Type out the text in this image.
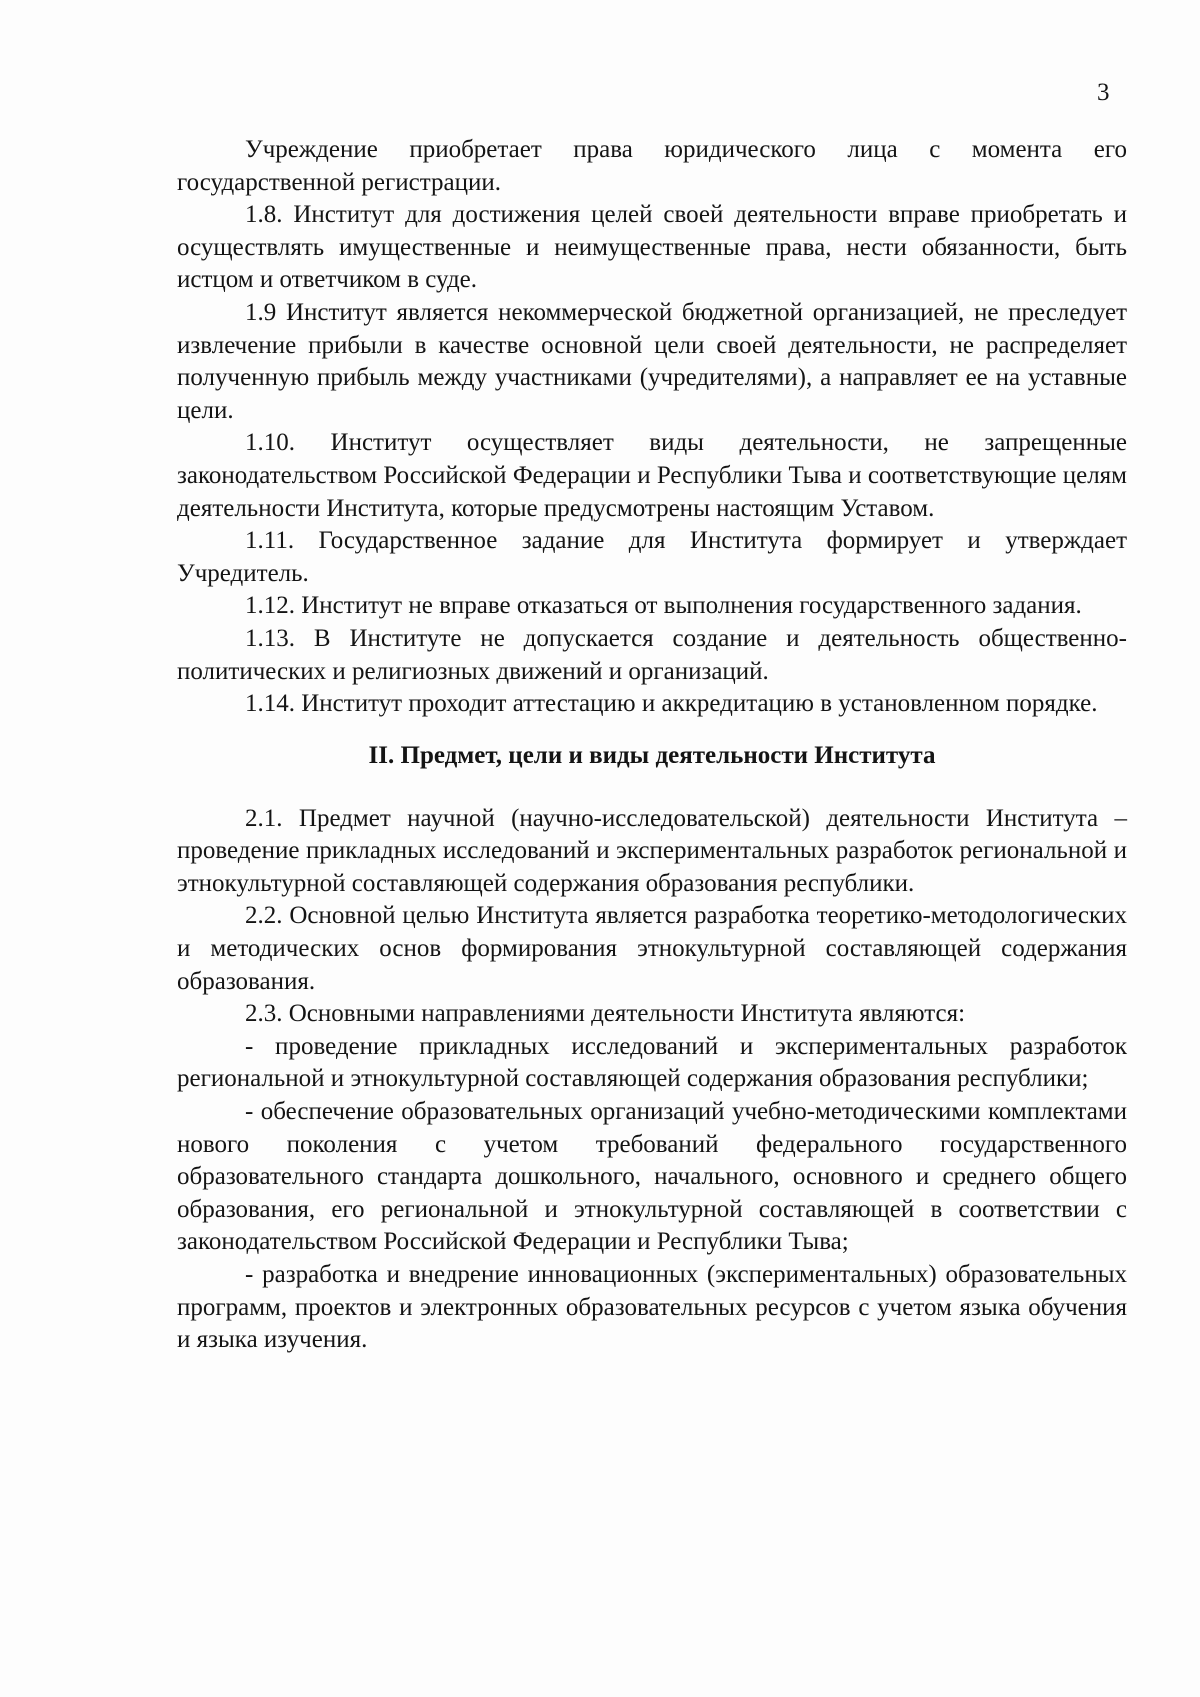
3

Учреждение приобретает права юридического лица с момента его государственной регистрации.

1.8. Институт для достижения целей своей деятельности вправе приобретать и осуществлять имущественные и неимущественные права, нести обязанности, быть истцом и ответчиком в суде.

1.9 Институт является некоммерческой бюджетной организацией, не преследует извлечение прибыли в качестве основной цели своей деятельности, не распределяет полученную прибыль между участниками (учредителями), а направляет ее на уставные цели.

1.10. Институт осуществляет виды деятельности, не запрещенные законодательством Российской Федерации и Республики Тыва и соответствующие целям деятельности Института, которые предусмотрены настоящим Уставом.

1.11. Государственное задание для Института формирует и утверждает Учредитель.

1.12. Институт не вправе отказаться от выполнения государственного задания.

1.13. В Институте не допускается создание и деятельность общественно-политических и религиозных движений и организаций.

1.14. Институт проходит аттестацию и аккредитацию в установленном порядке.

II. Предмет, цели и виды деятельности Института

2.1. Предмет научной (научно-исследовательской) деятельности Института – проведение прикладных исследований и экспериментальных разработок региональной и этнокультурной составляющей содержания образования республики.

2.2. Основной целью Института является разработка теоретико-методологических и методических основ формирования этнокультурной составляющей содержания образования.

2.3. Основными направлениями деятельности Института являются:

- проведение прикладных исследований и экспериментальных разработок региональной и этнокультурной составляющей содержания образования республики;

- обеспечение образовательных организаций учебно-методическими комплектами нового поколения с учетом требований федерального государственного образовательного стандарта дошкольного, начального, основного и среднего общего образования, его региональной и этнокультурной составляющей в соответствии с законодательством Российской Федерации и Республики Тыва;

- разработка и внедрение инновационных (экспериментальных) образовательных программ, проектов и электронных образовательных ресурсов с учетом языка обучения и языка изучения.
